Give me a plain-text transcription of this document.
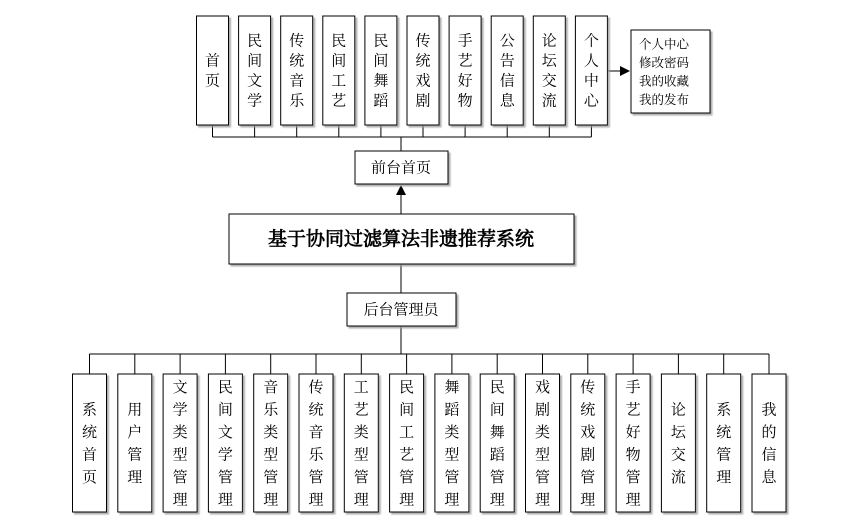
基于协同过滤算法非遗推荐系统
前台首页
后台管理员
首页
民间文学
传统音乐
民间工艺
民间舞蹈
传统戏剧
手艺好物
公告信息
论坛交流
个人中心
个人中心
修改密码
我的收藏
我的发布
系统首页
用户管理
文学类型管理
民间文学管理
音乐类型管理
传统音乐管理
工艺类型管理
民间工艺管理
舞蹈类型管理
民间舞蹈管理
戏剧类型管理
传统戏剧管理
手艺好物管理
论坛交流
系统管理
我的信息
